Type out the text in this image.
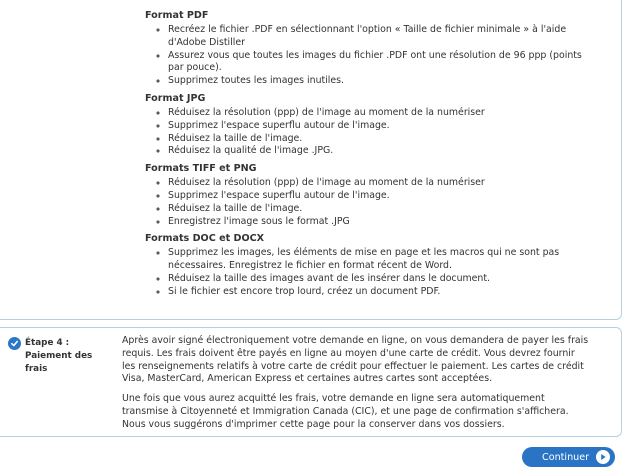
Format PDF
◦ Recréez le fichier .PDF en sélectionnant l'option « Taille de fichier minimale » à l'aide d'Adobe Distiller
◦ Assurez vous que toutes les images du fichier .PDF ont une résolution de 96 ppp (points par pouce).
◦ Supprimez toutes les images inutiles.
Format JPG
◦ Réduisez la résolution (ppp) de l'image au moment de la numériser
◦ Supprimez l'espace superflu autour de l'image.
◦ Réduisez la taille de l'image.
◦ Réduisez la qualité de l'image .JPG.
Formats TIFF et PNG
◦ Réduisez la résolution (ppp) de l'image au moment de la numériser
◦ Supprimez l'espace superflu autour de l'image.
◦ Réduisez la taille de l'image.
◦ Enregistrez l'image sous le format .JPG
Formats DOC et DOCX
◦ Supprimez les images, les éléments de mise en page et les macros qui ne sont pas nécessaires. Enregistrez le fichier en format récent de Word.
◦ Réduisez la taille des images avant de les insérer dans le document.
◦ Si le fichier est encore trop lourd, créez un document PDF.
Étape 4 : Paiement des frais

Après avoir signé électroniquement votre demande en ligne, on vous demandera de payer les frais requis. Les frais doivent être payés en ligne au moyen d'une carte de crédit. Vous devrez fournir les renseignements relatifs à votre carte de crédit pour effectuer le paiement. Les cartes de crédit Visa, MasterCard, American Express et certaines autres cartes sont acceptées.

Une fois que vous aurez acquitté les frais, votre demande en ligne sera automatiquement transmise à Citoyenneté et Immigration Canada (CIC), et une page de confirmation s'affichera. Nous vous suggérons d'imprimer cette page pour la conserver dans vos dossiers.

Continuer
